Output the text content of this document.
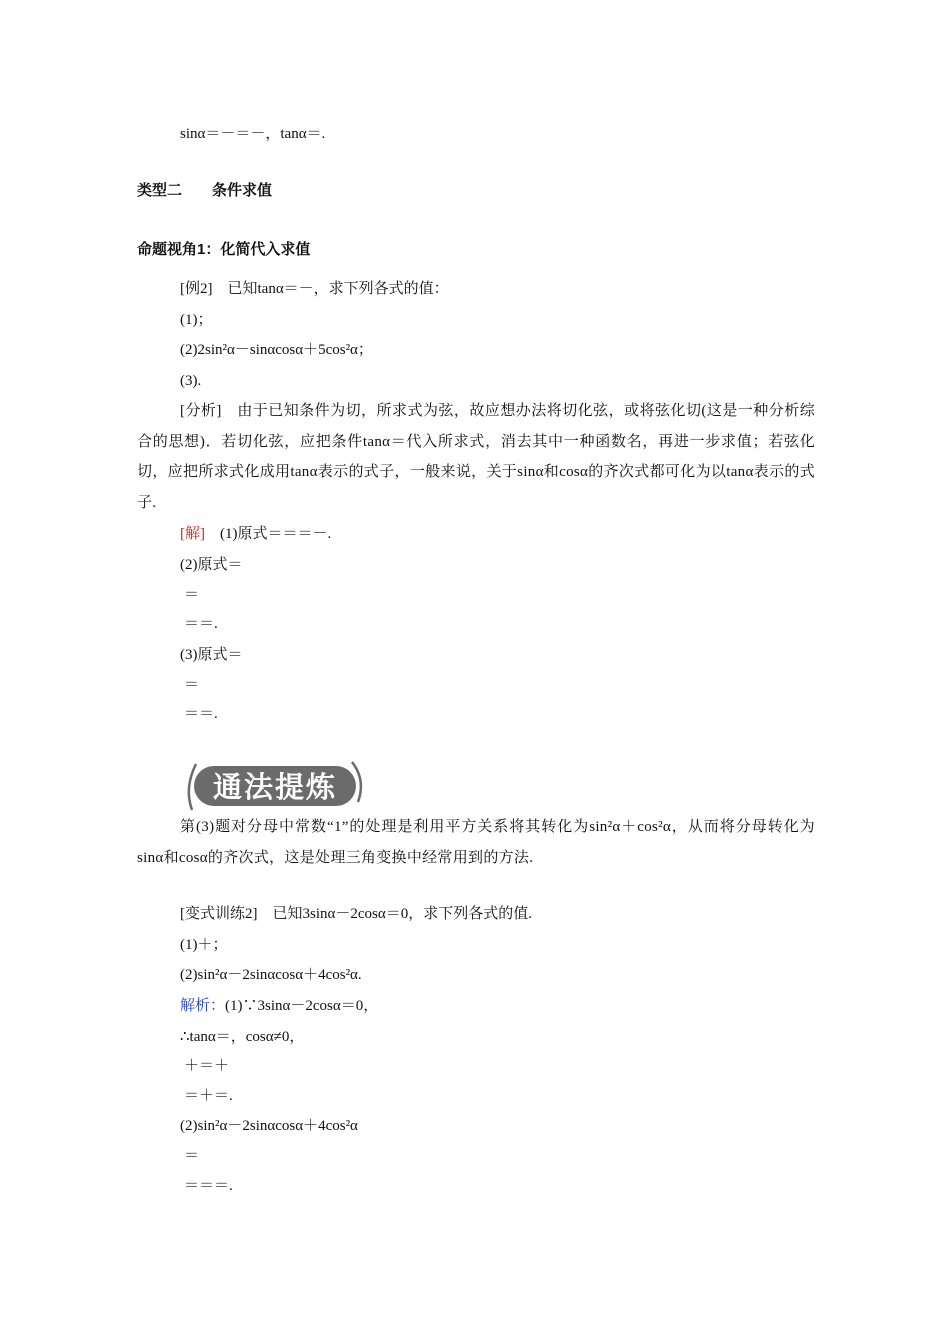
sinα＝－＝－，tanα＝.
类型二　　条件求值
命题视角1：化简代入求值
[例2]　已知tanα＝－，求下列各式的值：
(1)；
(2)2sin²α－sinαcosα＋5cos²α；
(3).
[分析]　由于已知条件为切，所求式为弦，故应想办法将切化弦，或将弦化切(这是一种分析综合的思想)．若切化弦，应把条件tanα＝代入所求式，消去其中一种函数名，再进一步求值；若弦化切，应把所求式化成用tanα表示的式子，一般来说，关于sinα和cosα的齐次式都可化为以tanα表示的式子.
[解]　(1)原式＝＝＝－.
(2)原式＝
＝
＝＝.
(3)原式＝
＝
＝＝.
通法提炼
第(3)题对分母中常数“1”的处理是利用平方关系将其转化为sin²α＋cos²α，从而将分母转化为sinα和cosα的齐次式，这是处理三角变换中经常用到的方法.
[变式训练2]　已知3sinα－2cosα＝0，求下列各式的值.
(1)＋；
(2)sin²α－2sinαcosα＋4cos²α.
解析：(1)∵3sinα－2cosα＝0，
∴tanα＝，cosα≠0，
＋＝＋
＝＋＝.
(2)sin²α－2sinαcosα＋4cos²α
＝
＝＝＝.
